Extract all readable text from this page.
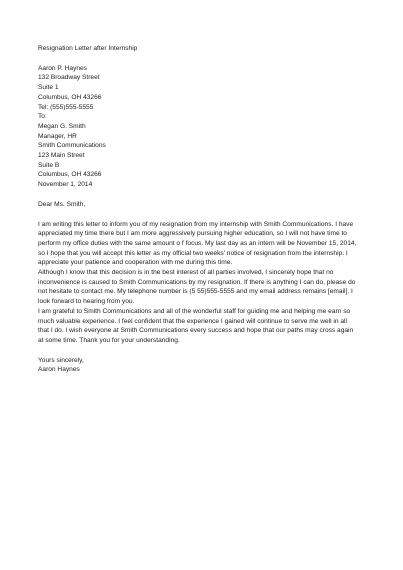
Resignation Letter after Internship
Aaron P. Haynes
132 Broadway Street
Suite 1
Columbus, OH 43266
Tel: (555)555-5555
To:
Megan G. Smith
Manager, HR
Smith Communications
123 Main Street
Suite B
Columbus, OH 43266
November 1, 2014
Dear Ms. Smith,
I am writing this letter to inform you of my resignation from my internship with Smith Communications. I have
appreciated my time there but I am more aggressively pursuing higher education, so I will not have time to
perform my office duties with the same amount o f focus. My last day as an intern will be November 15, 2014,
so I hope that you will accept this letter as my official two weeks' notice of resignation from the internship. I
appreciate your patience and cooperation with me during this time.
Although I know that this decision is in the best interest of all parties involved, I sincerely hope that no
inconvenience is caused to Smith Communications by my resignation. If there is anything I can do, please do
not hesitate to contact me. My telephone number is (5 55)555-5555 and my email address remains [email]. I
look forward to hearing from you.
I am grateful to Smith Communications and all of the wonderful staff for guiding me and helping me earn so
much valuable experience. I feel confident that the experience I gained will continue to serve me well in all
that I do. I wish everyone at Smith Communications every success and hope that our paths may cross again
at some time. Thank you for your understanding.
Yours sincerely,
Aaron Haynes
